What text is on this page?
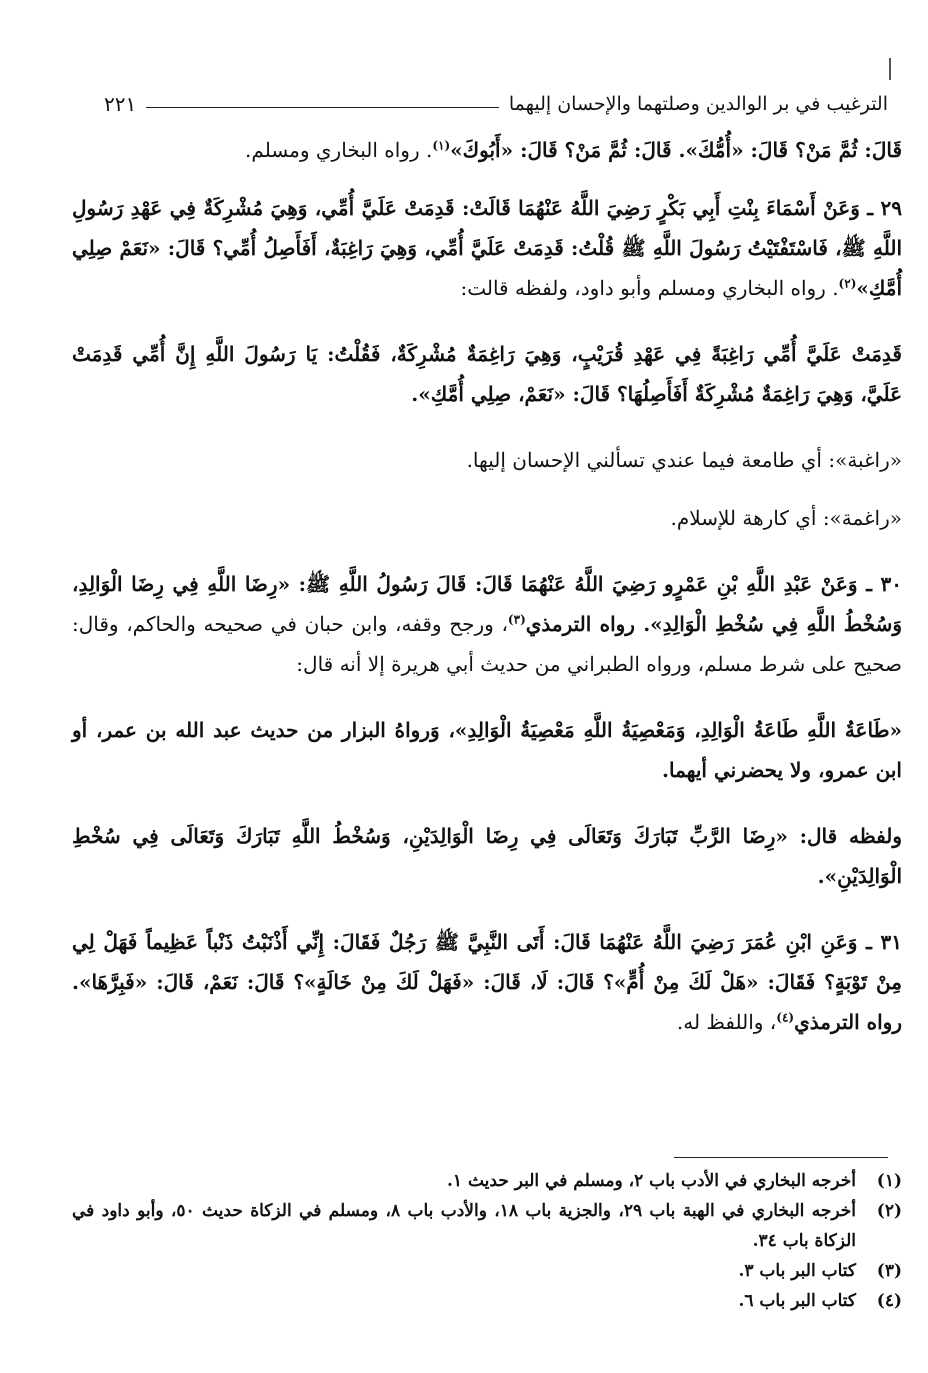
الترغيب في بر الوالدين وصلتهما والإحسان إليهما
٢٢١

قَالَ: ثُمَّ مَنْ؟ قَالَ: «أُمُّكَ». قَالَ: ثُمَّ مَنْ؟ قَالَ: «أَبُوكَ»$^{(١)}$. رواه البخاري ومسلم.

٢٩ ـ وَعَنْ أَسْمَاءَ بِنْتِ أَبِي بَكْرٍ رَضِيَ اللَّهُ عَنْهُمَا قَالَتْ: قَدِمَتْ عَلَيَّ أُمِّي، وَهِيَ مُشْرِكَةٌ فِي عَهْدِ رَسُولِ اللَّهِ ﷺ، فَاسْتَفْتَيْتُ رَسُولَ اللَّهِ ﷺ قُلْتُ: قَدِمَتْ عَلَيَّ أُمِّي، وَهِيَ رَاغِبَةٌ، أَفَأَصِلُ أُمِّي؟ قَالَ: «نَعَمْ صِلِي أُمَّكِ»$^{(٢)}$. رواه البخاري ومسلم وأبو داود، ولفظه قالت:

قَدِمَتْ عَلَيَّ أُمِّي رَاغِبَةً فِي عَهْدِ قُرَيْبٍ، وَهِيَ رَاغِمَةٌ مُشْرِكَةٌ، فَقُلْتُ: يَا رَسُولَ اللَّهِ إِنَّ أُمِّي قَدِمَتْ عَلَيَّ، وَهِيَ رَاغِمَةٌ مُشْرِكَةٌ أَفَأَصِلُهَا؟ قَالَ: «نَعَمْ، صِلِي أُمَّكِ».

«راغبة»: أي طامعة فيما عندي تسألني الإحسان إليها.

«راغمة»: أي كارهة للإسلام.

٣٠ ـ وَعَنْ عَبْدِ اللَّهِ بْنِ عَمْرٍو رَضِيَ اللَّهُ عَنْهُمَا قَالَ: قَالَ رَسُولُ اللَّهِ ﷺ: «رِضَا اللَّهِ فِي رِضَا الْوَالِدِ، وَسُخْطُ اللَّهِ فِي سُخْطِ الْوَالِدِ». رواه الترمذي$^{(٣)}$، ورجح وقفه، وابن حبان في صحيحه والحاكم، وقال: صحيح على شرط مسلم، ورواه الطبراني من حديث أبي هريرة إلا أنه قال:

«طَاعَةُ اللَّهِ طَاعَةُ الْوَالِدِ، وَمَعْصِيَةُ اللَّهِ مَعْصِيَةُ الْوَالِدِ»، وَرواهُ البزار من حديث عبد الله بن عمر، أو ابن عمرو، ولا يحضرني أيهما.

ولفظه قال: «رِضَا الرَّبِّ تَبَارَكَ وَتَعَالَى فِي رِضَا الْوَالِدَيْنِ، وَسُخْطُ اللَّهِ تَبَارَكَ وَتَعَالَى فِي سُخْطِ الْوَالِدَيْنِ».

٣١ ـ وَعَنِ ابْنِ عُمَرَ رَضِيَ اللَّهُ عَنْهُمَا قَالَ: أَتَى النَّبِيَّ ﷺ رَجُلٌ فَقَالَ: إِنِّي أَذْنَبْتُ ذَنْباً عَظِيماً فَهَلْ لِي مِنْ تَوْبَةٍ؟ فَقَالَ: «هَلْ لَكَ مِنْ أُمٍّ»؟ قَالَ: لَا، قَالَ: «فَهَلْ لَكَ مِنْ خَالَةٍ»؟ قَالَ: نَعَمْ، قَالَ: «فَبِرَّهَا». رواه الترمذي$^{(٤)}$، واللفظ له.

(١)
أخرجه البخاري في الأدب باب ٢، ومسلم في البر حديث ١.
(٢)
أخرجه البخاري في الهبة باب ٢٩، والجزية باب ١٨، والأدب باب ٨، ومسلم في الزكاة حديث ٥٠، وأبو داود في الزكاة باب ٣٤.
(٣)
كتاب البر باب ٣.
(٤)
كتاب البر باب ٦.
